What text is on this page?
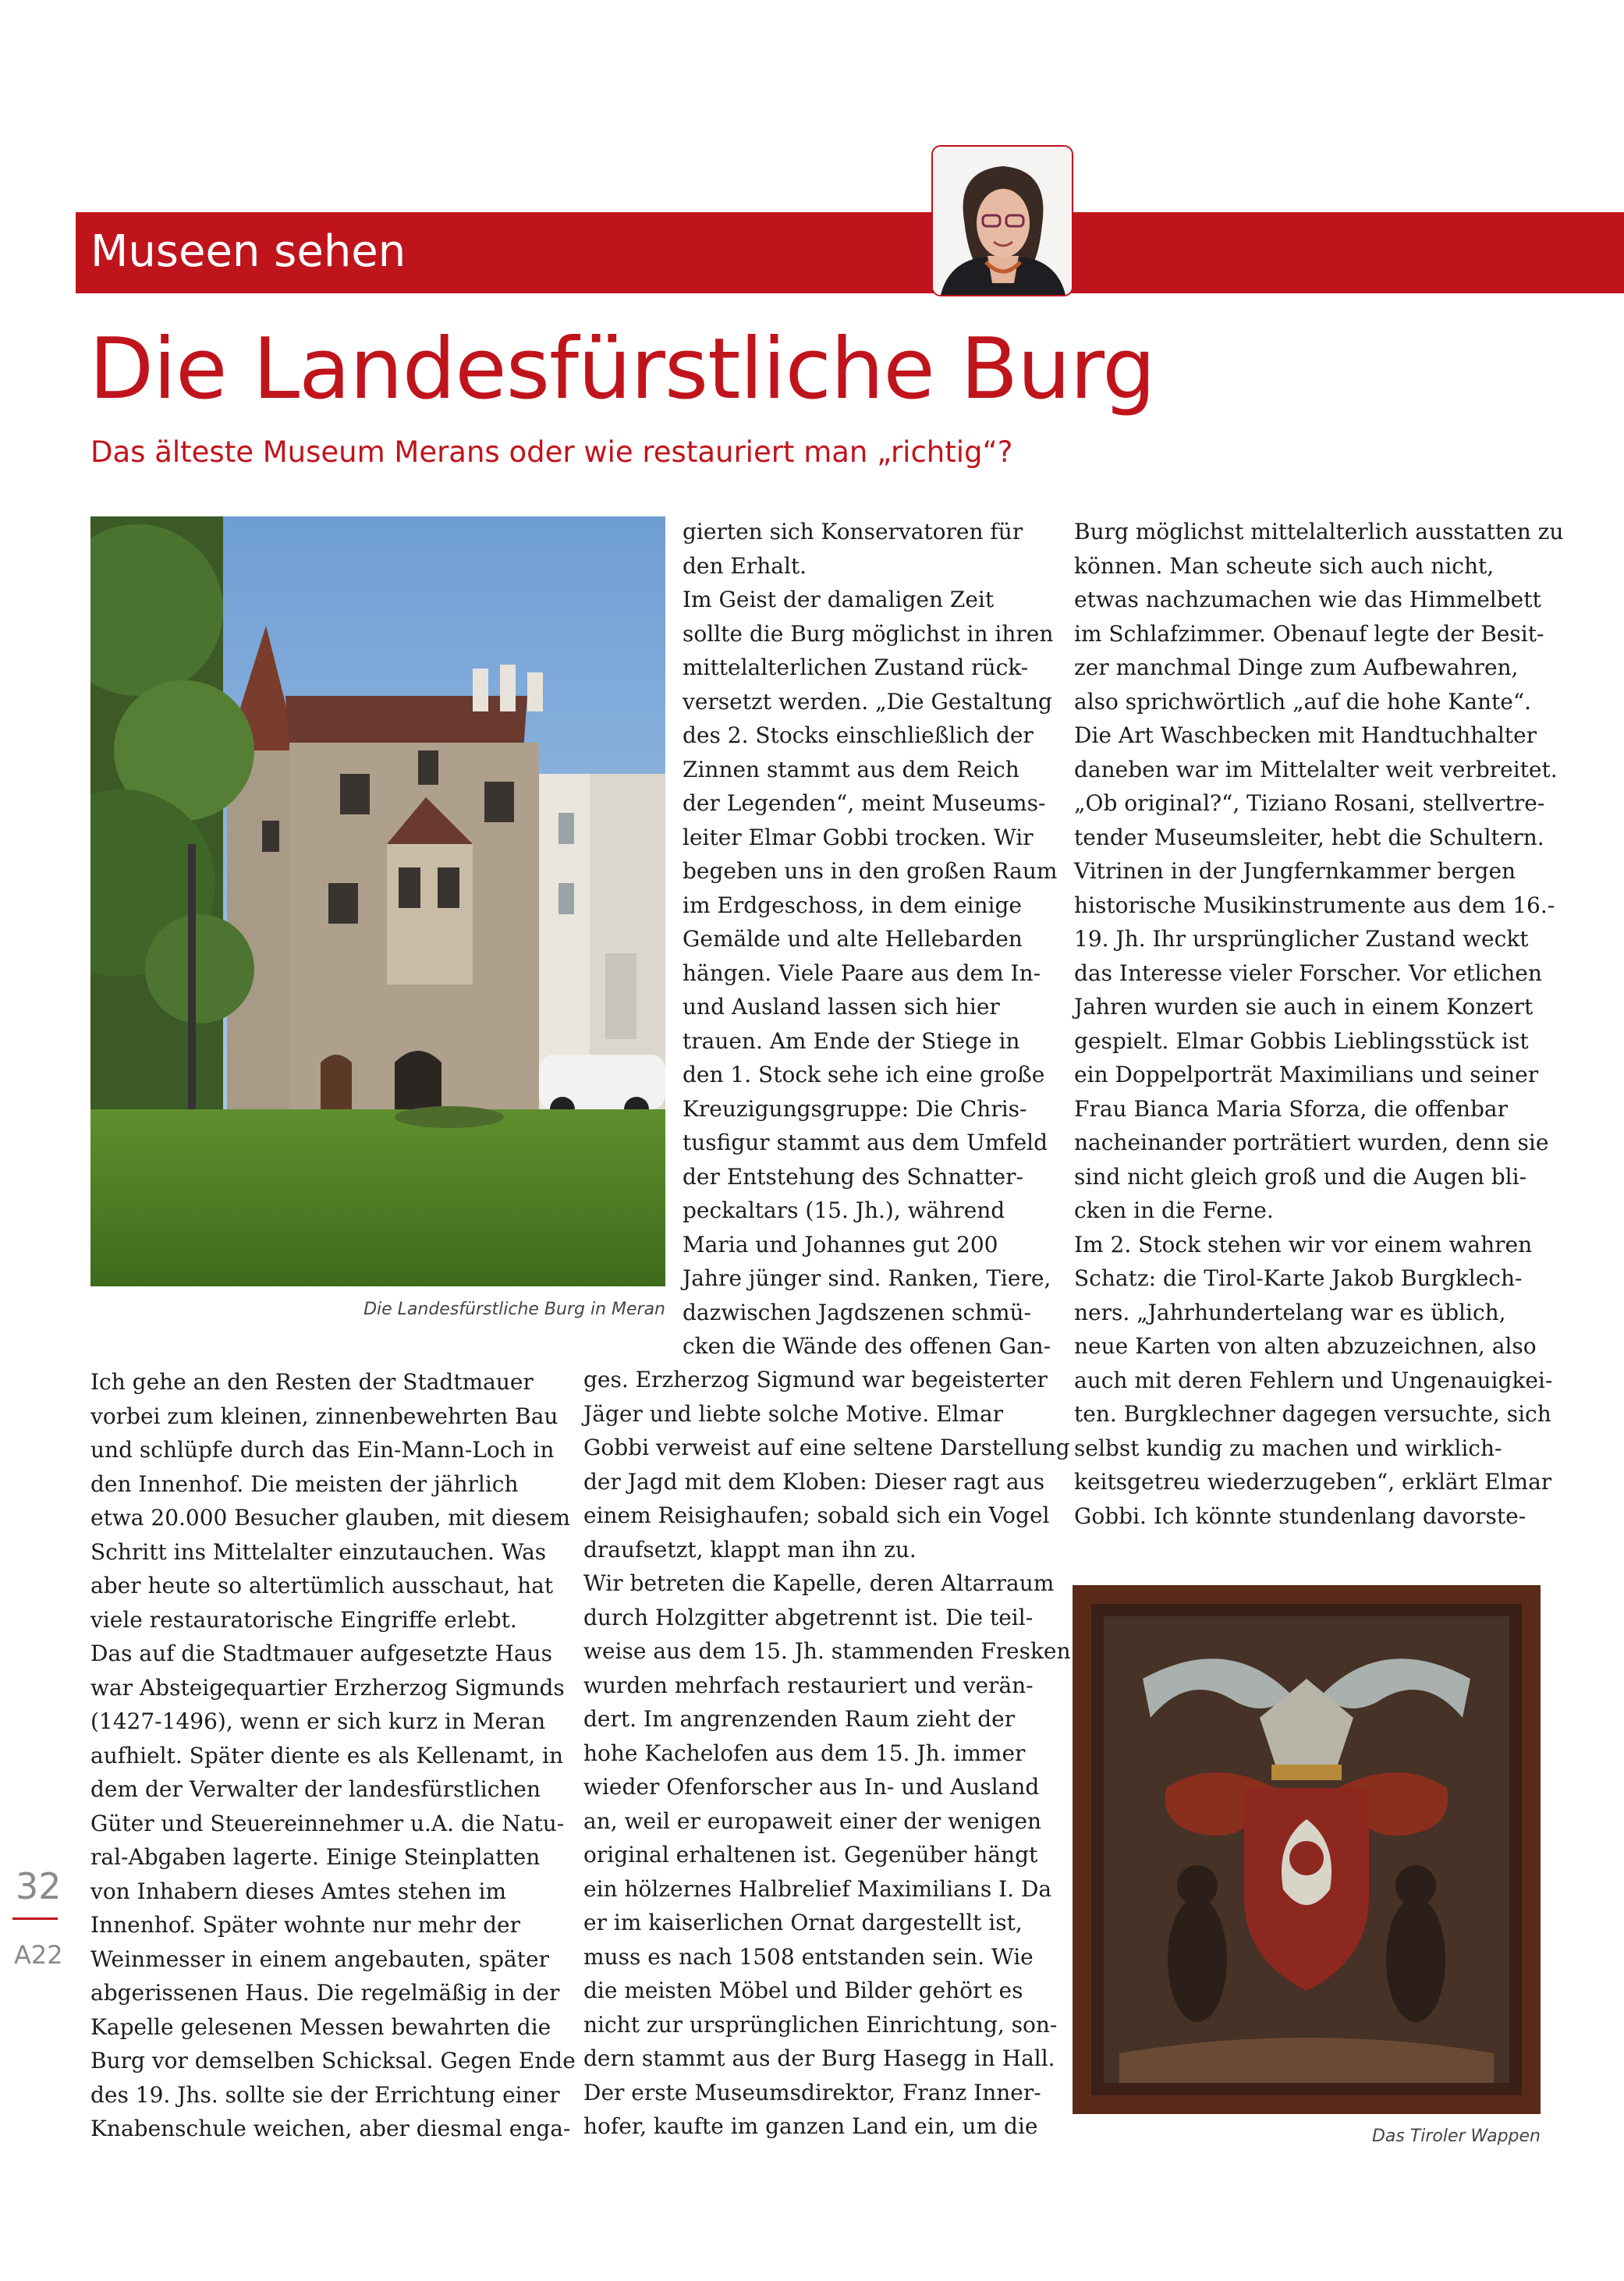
Museen sehen
Die Landesfürstliche Burg
Das älteste Museum Merans oder wie restauriert man „richtig“?
Die Landesfürstliche Burg in Meran
Das Tiroler Wappen
Ich gehe an den Resten der Stadtmauer
vorbei zum kleinen, zinnenbewehrten Bau
und schlüpfe durch das Ein-Mann-Loch in
den Innenhof. Die meisten der jährlich
etwa 20.000 Besucher glauben, mit diesem
Schritt ins Mittelalter einzutauchen. Was
aber heute so altertümlich ausschaut, hat
viele restauratorische Eingriffe erlebt.
Das auf die Stadtmauer aufgesetzte Haus
war Absteigequartier Erzherzog Sigmunds
(1427-1496), wenn er sich kurz in Meran
aufhielt. Später diente es als Kellenamt, in
dem der Verwalter der landesfürstlichen
Güter und Steuereinnehmer u.A. die Natu-
ral-Abgaben lagerte. Einige Steinplatten
von Inhabern dieses Amtes stehen im
Innenhof. Später wohnte nur mehr der
Weinmesser in einem angebauten, später
abgerissenen Haus. Die regelmäßig in der
Kapelle gelesenen Messen bewahrten die
Burg vor demselben Schicksal. Gegen Ende
des 19. Jhs. sollte sie der Errichtung einer
Knabenschule weichen, aber diesmal enga-
gierten sich Konservatoren für
den Erhalt.
Im Geist der damaligen Zeit
sollte die Burg möglichst in ihren
mittelalterlichen Zustand rück-
versetzt werden. „Die Gestaltung
des 2. Stocks einschließlich der
Zinnen stammt aus dem Reich
der Legenden“, meint Museums-
leiter Elmar Gobbi trocken. Wir
begeben uns in den großen Raum
im Erdgeschoss, in dem einige
Gemälde und alte Hellebarden
hängen. Viele Paare aus dem In-
und Ausland lassen sich hier
trauen. Am Ende der Stiege in
den 1. Stock sehe ich eine große
Kreuzigungsgruppe: Die Chris-
tusfigur stammt aus dem Umfeld
der Entstehung des Schnatter-
peckaltars (15. Jh.), während
Maria und Johannes gut 200
Jahre jünger sind. Ranken, Tiere,
dazwischen Jagdszenen schmü-
cken die Wände des offenen Gan-
ges. Erzherzog Sigmund war begeisterter
Jäger und liebte solche Motive. Elmar
Gobbi verweist auf eine seltene Darstellung
der Jagd mit dem Kloben: Dieser ragt aus
einem Reisighaufen; sobald sich ein Vogel
draufsetzt, klappt man ihn zu.
Wir betreten die Kapelle, deren Altarraum
durch Holzgitter abgetrennt ist. Die teil-
weise aus dem 15. Jh. stammenden Fresken
wurden mehrfach restauriert und verän-
dert. Im angrenzenden Raum zieht der
hohe Kachelofen aus dem 15. Jh. immer
wieder Ofenforscher aus In- und Ausland
an, weil er europaweit einer der wenigen
original erhaltenen ist. Gegenüber hängt
ein hölzernes Halbrelief Maximilians I. Da
er im kaiserlichen Ornat dargestellt ist,
muss es nach 1508 entstanden sein. Wie
die meisten Möbel und Bilder gehört es
nicht zur ursprünglichen Einrichtung, son-
dern stammt aus der Burg Hasegg in Hall.
Der erste Museumsdirektor, Franz Inner-
hofer, kaufte im ganzen Land ein, um die
Burg möglichst mittelalterlich ausstatten zu
können. Man scheute sich auch nicht,
etwas nachzumachen wie das Himmelbett
im Schlafzimmer. Obenauf legte der Besit-
zer manchmal Dinge zum Aufbewahren,
also sprichwörtlich „auf die hohe Kante“.
Die Art Waschbecken mit Handtuchhalter
daneben war im Mittelalter weit verbreitet.
„Ob original?“, Tiziano Rosani, stellvertre-
tender Museumsleiter, hebt die Schultern.
Vitrinen in der Jungfernkammer bergen
historische Musikinstrumente aus dem 16.-
19. Jh. Ihr ursprünglicher Zustand weckt
das Interesse vieler Forscher. Vor etlichen
Jahren wurden sie auch in einem Konzert
gespielt. Elmar Gobbis Lieblingsstück ist
ein Doppelporträt Maximilians und seiner
Frau Bianca Maria Sforza, die offenbar
nacheinander porträtiert wurden, denn sie
sind nicht gleich groß und die Augen bli-
cken in die Ferne.
Im 2. Stock stehen wir vor einem wahren
Schatz: die Tirol-Karte Jakob Burgklech-
ners. „Jahrhundertelang war es üblich,
neue Karten von alten abzuzeichnen, also
auch mit deren Fehlern und Ungenauigkei-
ten. Burgklechner dagegen versuchte, sich
selbst kundig zu machen und wirklich-
keitsgetreu wiederzugeben“, erklärt Elmar
Gobbi. Ich könnte stundenlang davorste-
32
A22
